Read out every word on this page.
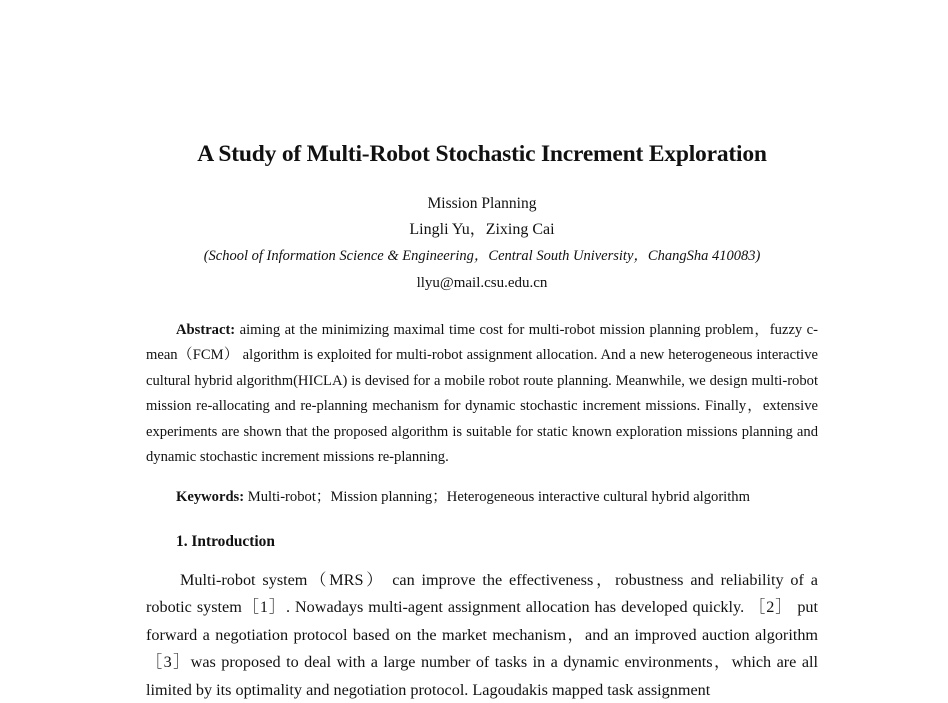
A Study of Multi-Robot Stochastic Increment Exploration
Mission Planning
Lingli Yu，Zixing Cai
(School of Information Science & Engineering，Central South University，ChangSha 410083)
llyu@mail.csu.edu.cn

Abstract: aiming at the minimizing maximal time cost for multi-robot mission planning problem，fuzzy c-mean（FCM） algorithm is exploited for multi-robot assignment allocation. And a new heterogeneous interactive cultural hybrid algorithm(HICLA) is devised for a mobile robot route planning. Meanwhile, we design multi-robot mission re-allocating and re-planning mechanism for dynamic stochastic increment missions. Finally，extensive experiments are shown that the proposed algorithm is suitable for static known exploration missions planning and dynamic stochastic increment missions re-planning.

Keywords: Multi-robot；Mission planning；Heterogeneous interactive cultural hybrid algorithm

1. Introduction

Multi-robot system（MRS） can improve the effectiveness，robustness and reliability of a robotic system［1］. Nowadays multi-agent assignment allocation has developed quickly. ［2］ put forward a negotiation protocol based on the market mechanism，and an improved auction algorithm［3］was proposed to deal with a large number of tasks in a dynamic environments，which are all limited by its optimality and negotiation protocol. Lagoudakis mapped task assignment
